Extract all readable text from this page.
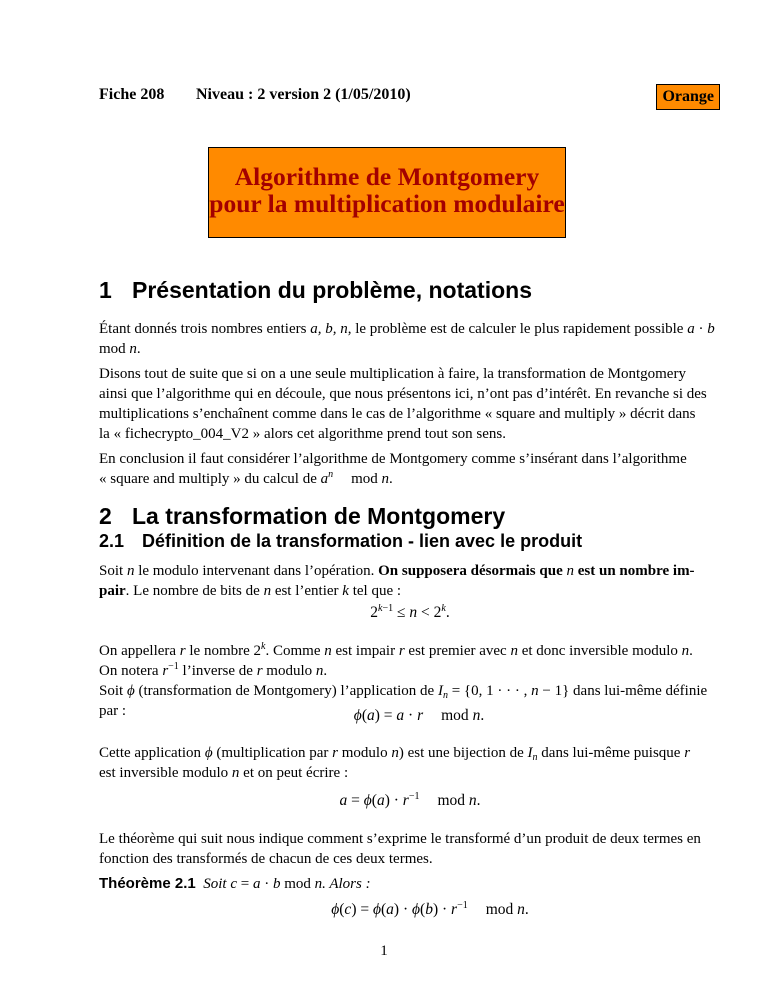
Fiche 208 Niveau : 2 version 2 (1/05/2010)	Orange
Algorithme de Montgomery
pour la multiplication modulaire
1 Présentation du problème, notations
Étant donnés trois nombres entiers a, b, n, le problème est de calculer le plus rapidement possible a · b
mod n.
Disons tout de suite que si on a une seule multiplication à faire, la transformation de Montgomery
ainsi que l’algorithme qui en découle, que nous présentons ici, n’ont pas d’intérêt. En revanche si des
multiplications s’enchaînent comme dans le cas de l’algorithme « square and multiply » décrit dans
la « fichecrypto_004_V2 » alors cet algorithme prend tout son sens.
En conclusion il faut considérer l’algorithme de Montgomery comme s’insérant dans l’algorithme
« square and multiply » du calcul de $a^n$ mod n.
2 La transformation de Montgomery
2.1 Définition de la transformation - lien avec le produit
Soit n le modulo intervenant dans l’opération. On supposera désormais que n est un nombre im-
pair. Le nombre de bits de n est l’entier k tel que :
$2^{k-1} \le n < 2^k$.
On appellera r le nombre 2$^k$. Comme n est impair r est premier avec n et donc inversible modulo n.
On notera $r^{-1}$ l’inverse de r modulo n.
Soit ϕ (transformation de Montgomery) l’application de $I_n = \{0$, 1 · · · , n − 1} dans lui-même définie
par :	ϕ(a) = a · r mod n.
Cette application ϕ (multiplication par r modulo n) est une bijection de $I_n$ dans lui-même puisque r
est inversible modulo n et on peut écrire :
$a = \phi(a) \cdot r^{-1}$ mod n.
Le théorème qui suit nous indique comment s’exprime le transformé d’un produit de deux termes en
fonction des transformés de chacun de ces deux termes.
Théorème 2.1 Soit c = a · b mod n. Alors :
$\phi(c) = \phi(a) \cdot \phi(b) \cdot r^{-1}$ mod n.
1
